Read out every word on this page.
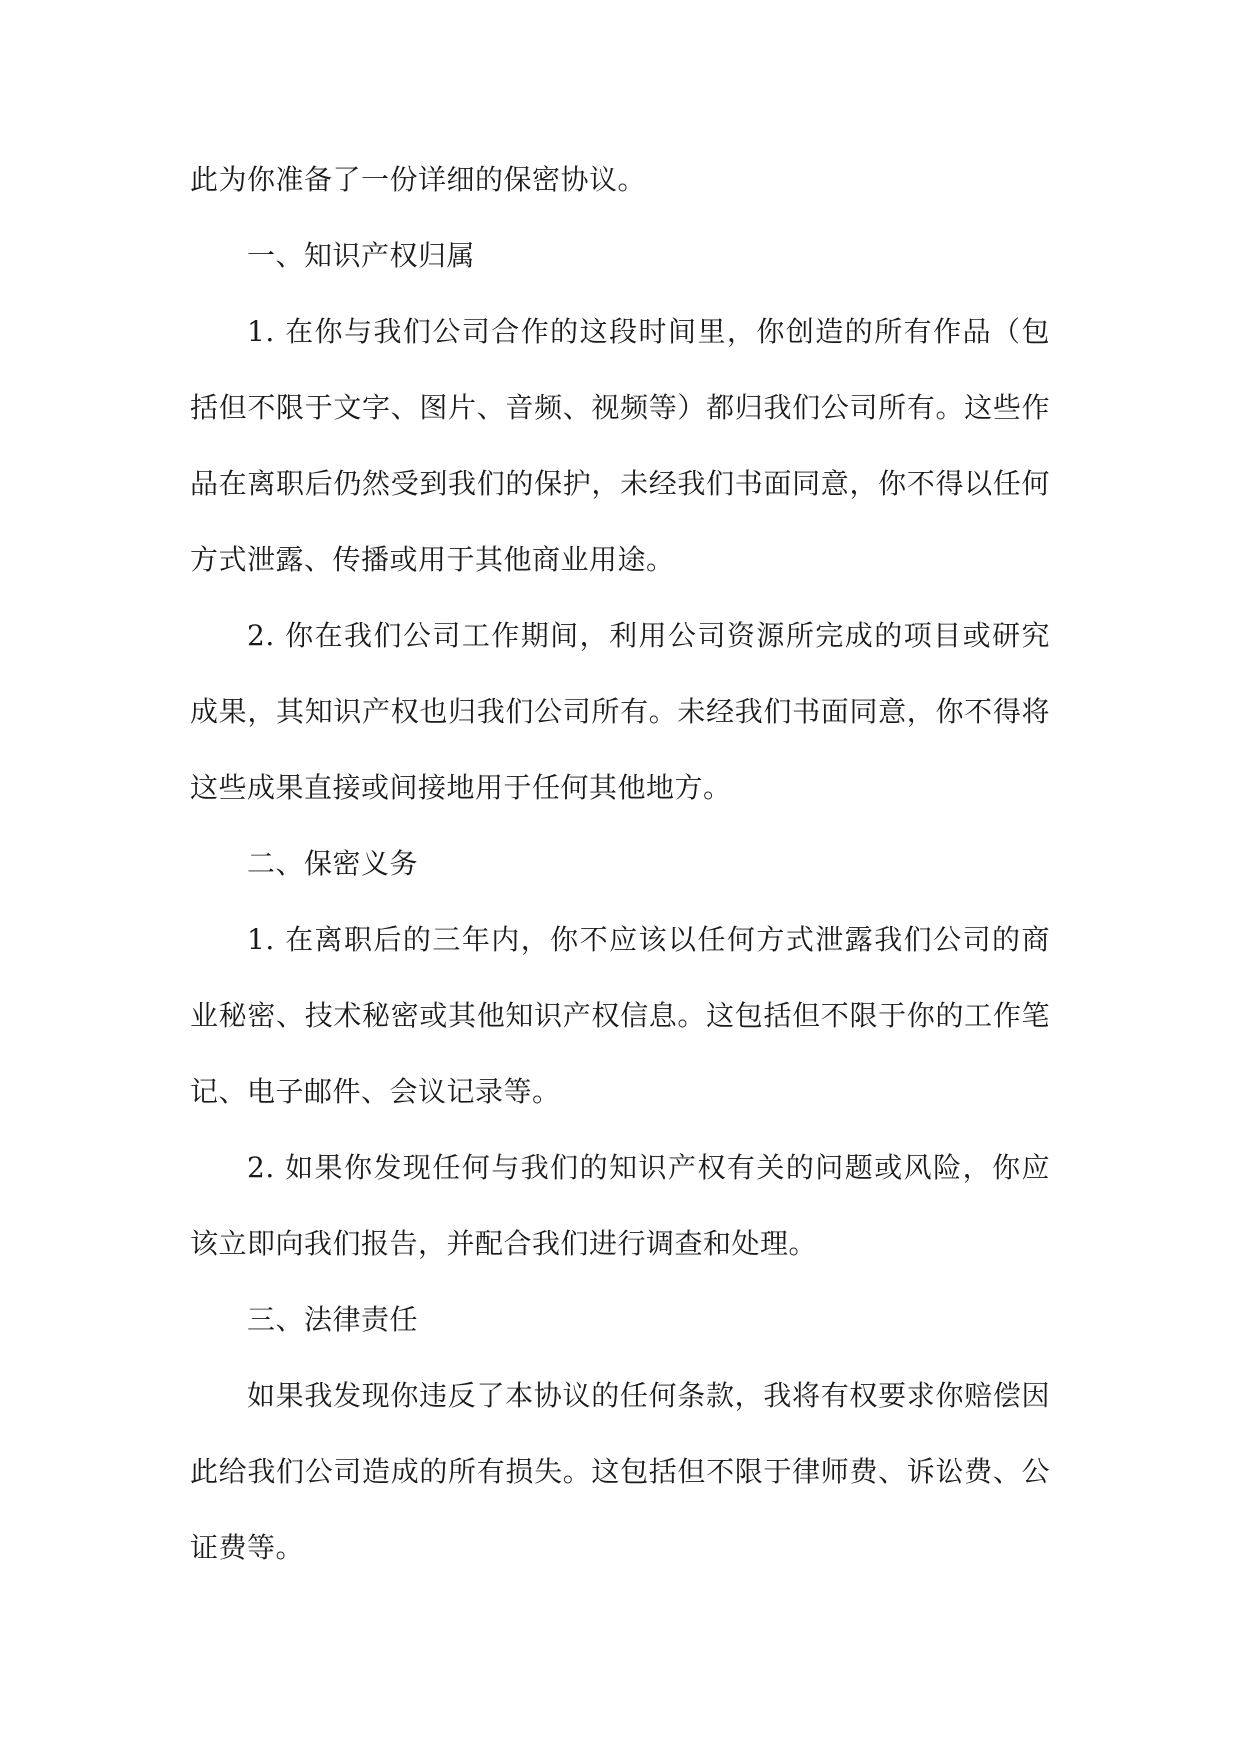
此为你准备了一份详细的保密协议。

一、知识产权归属

1. 在你与我们公司合作的这段时间里，你创造的所有作品（包括但不限于文字、图片、音频、视频等）都归我们公司所有。这些作品在离职后仍然受到我们的保护，未经我们书面同意，你不得以任何方式泄露、传播或用于其他商业用途。

2. 你在我们公司工作期间，利用公司资源所完成的项目或研究成果，其知识产权也归我们公司所有。未经我们书面同意，你不得将这些成果直接或间接地用于任何其他地方。

二、保密义务

1. 在离职后的三年内，你不应该以任何方式泄露我们公司的商业秘密、技术秘密或其他知识产权信息。这包括但不限于你的工作笔记、电子邮件、会议记录等。

2. 如果你发现任何与我们的知识产权有关的问题或风险，你应该立即向我们报告，并配合我们进行调查和处理。

三、法律责任

如果我发现你违反了本协议的任何条款，我将有权要求你赔偿因此给我们公司造成的所有损失。这包括但不限于律师费、诉讼费、公证费等。
